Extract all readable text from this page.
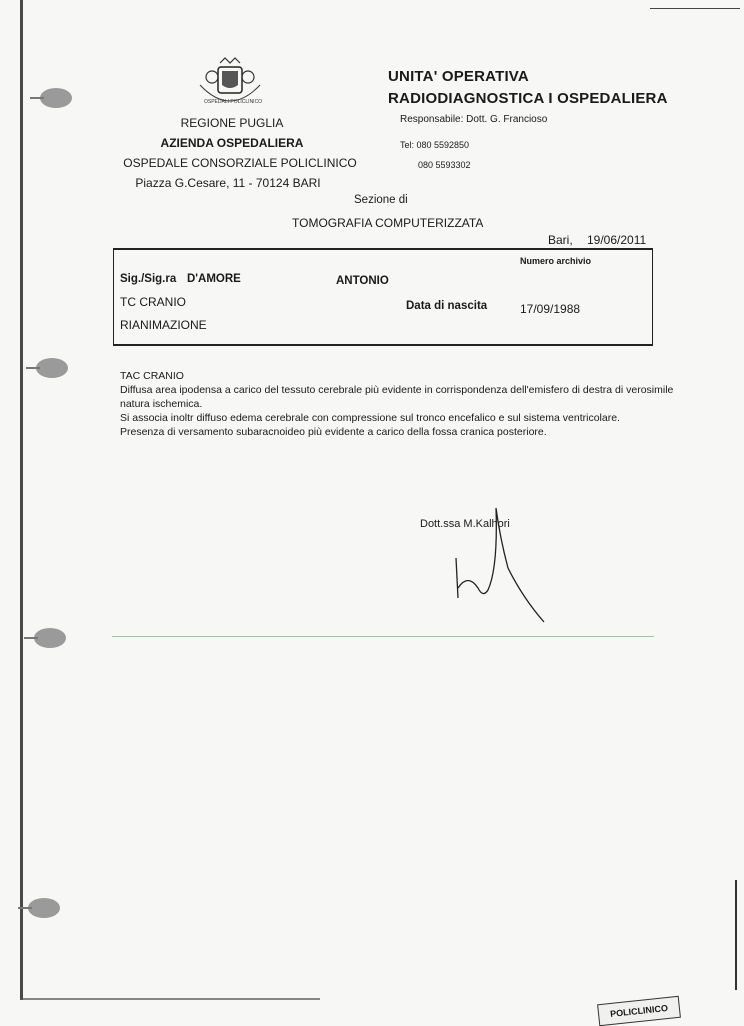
OSPEDALI POLICLINICO
REGIONE PUGLIA
AZIENDA OSPEDALIERA
OSPEDALE CONSORZIALE POLICLINICO
Piazza G.Cesare, 11 - 70124 BARI
UNITA' OPERATIVA
RADIODIAGNOSTICA I OSPEDALIERA
Responsabile: Dott. G. Francioso
Tel: 080 5592850
080 5593302
Sezione di
TOMOGRAFIA COMPUTERIZZATA
Bari, 19/06/2011
Numero archivio
Sig./Sig.ra D'AMORE	ANTONIO
TC CRANIO	Data di nascita	17/09/1988
RIANIMAZIONE
TAC CRANIO
Diffusa area ipodensa a carico del tessuto cerebrale più evidente in corrispondenza dell'emisfero di destra di verosimile
natura ischemica.
Si associa inoltr diffuso edema cerebrale con compressione sul tronco encefalico e sul sistema ventricolare.
Presenza di versamento subaracnoideo più evidente a carico della fossa cranica posteriore.
Dott.ssa M.Kalhori
POLICLINICO
